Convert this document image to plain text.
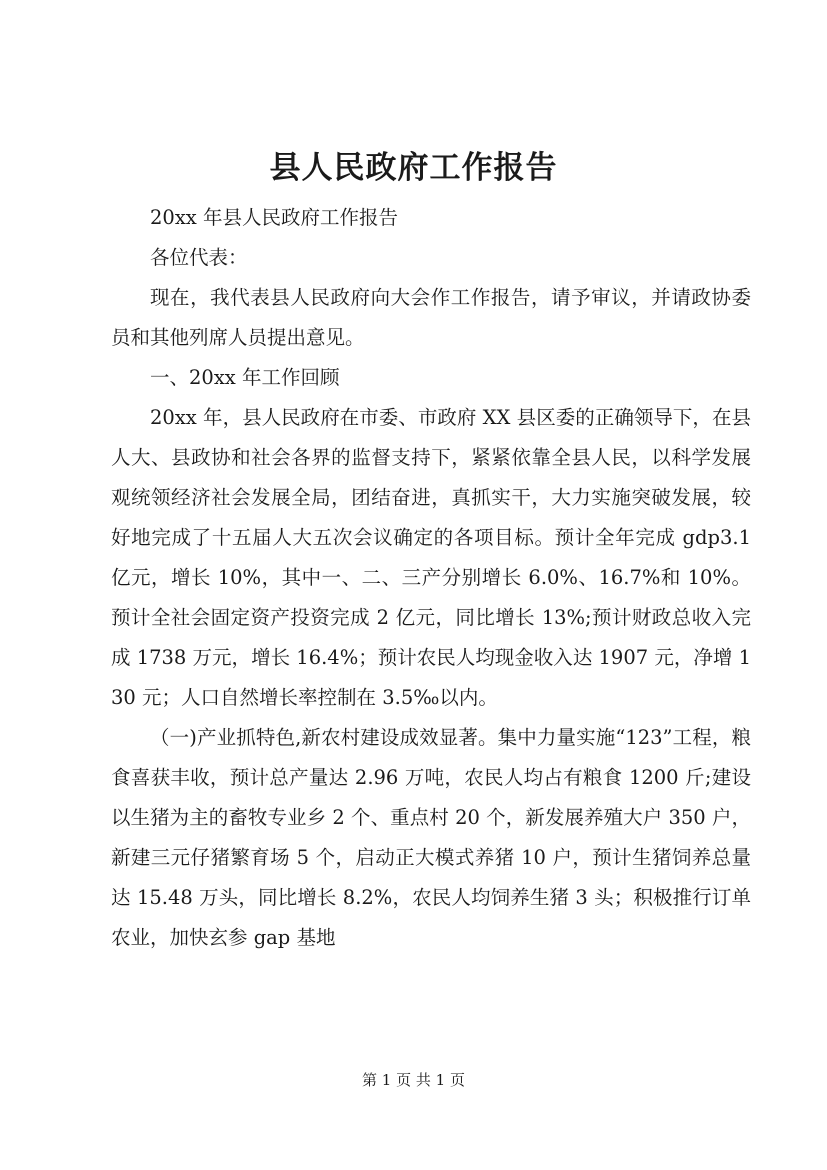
县人民政府工作报告

20xx 年县人民政府工作报告

各位代表：

现在，我代表县人民政府向大会作工作报告，请予审议，并请政协委员和其他列席人员提出意见。

一、20xx 年工作回顾

20xx 年，县人民政府在市委、市政府 XX 县区委的正确领导下，在县人大、县政协和社会各界的监督支持下，紧紧依靠全县人民，以科学发展观统领经济社会发展全局，团结奋进，真抓实干，大力实施突破发展，较好地完成了十五届人大五次会议确定的各项目标。预计全年完成 gdp3.1 亿元，增长 10%，其中一、二、三产分别增长 6.0%、16.7%和 10%。预计全社会固定资产投资完成 2 亿元，同比增长 13%;预计财政总收入完成 1738 万元，增长 16.4%；预计农民人均现金收入达 1907 元，净增 130 元；人口自然增长率控制在 3.5‰以内。

（一)产业抓特色,新农村建设成效显著。集中力量实施“123”工程，粮食喜获丰收，预计总产量达 2.96 万吨，农民人均占有粮食 1200 斤;建设以生猪为主的畜牧专业乡 2 个、重点村 20 个，新发展养殖大户 350 户，新建三元仔猪繁育场 5 个，启动正大模式养猪 10 户，预计生猪饲养总量达 15.48 万头，同比增长 8.2%，农民人均饲养生猪 3 头；积极推行订单农业，加快玄参 gap 基地

第 1 页 共 1 页
